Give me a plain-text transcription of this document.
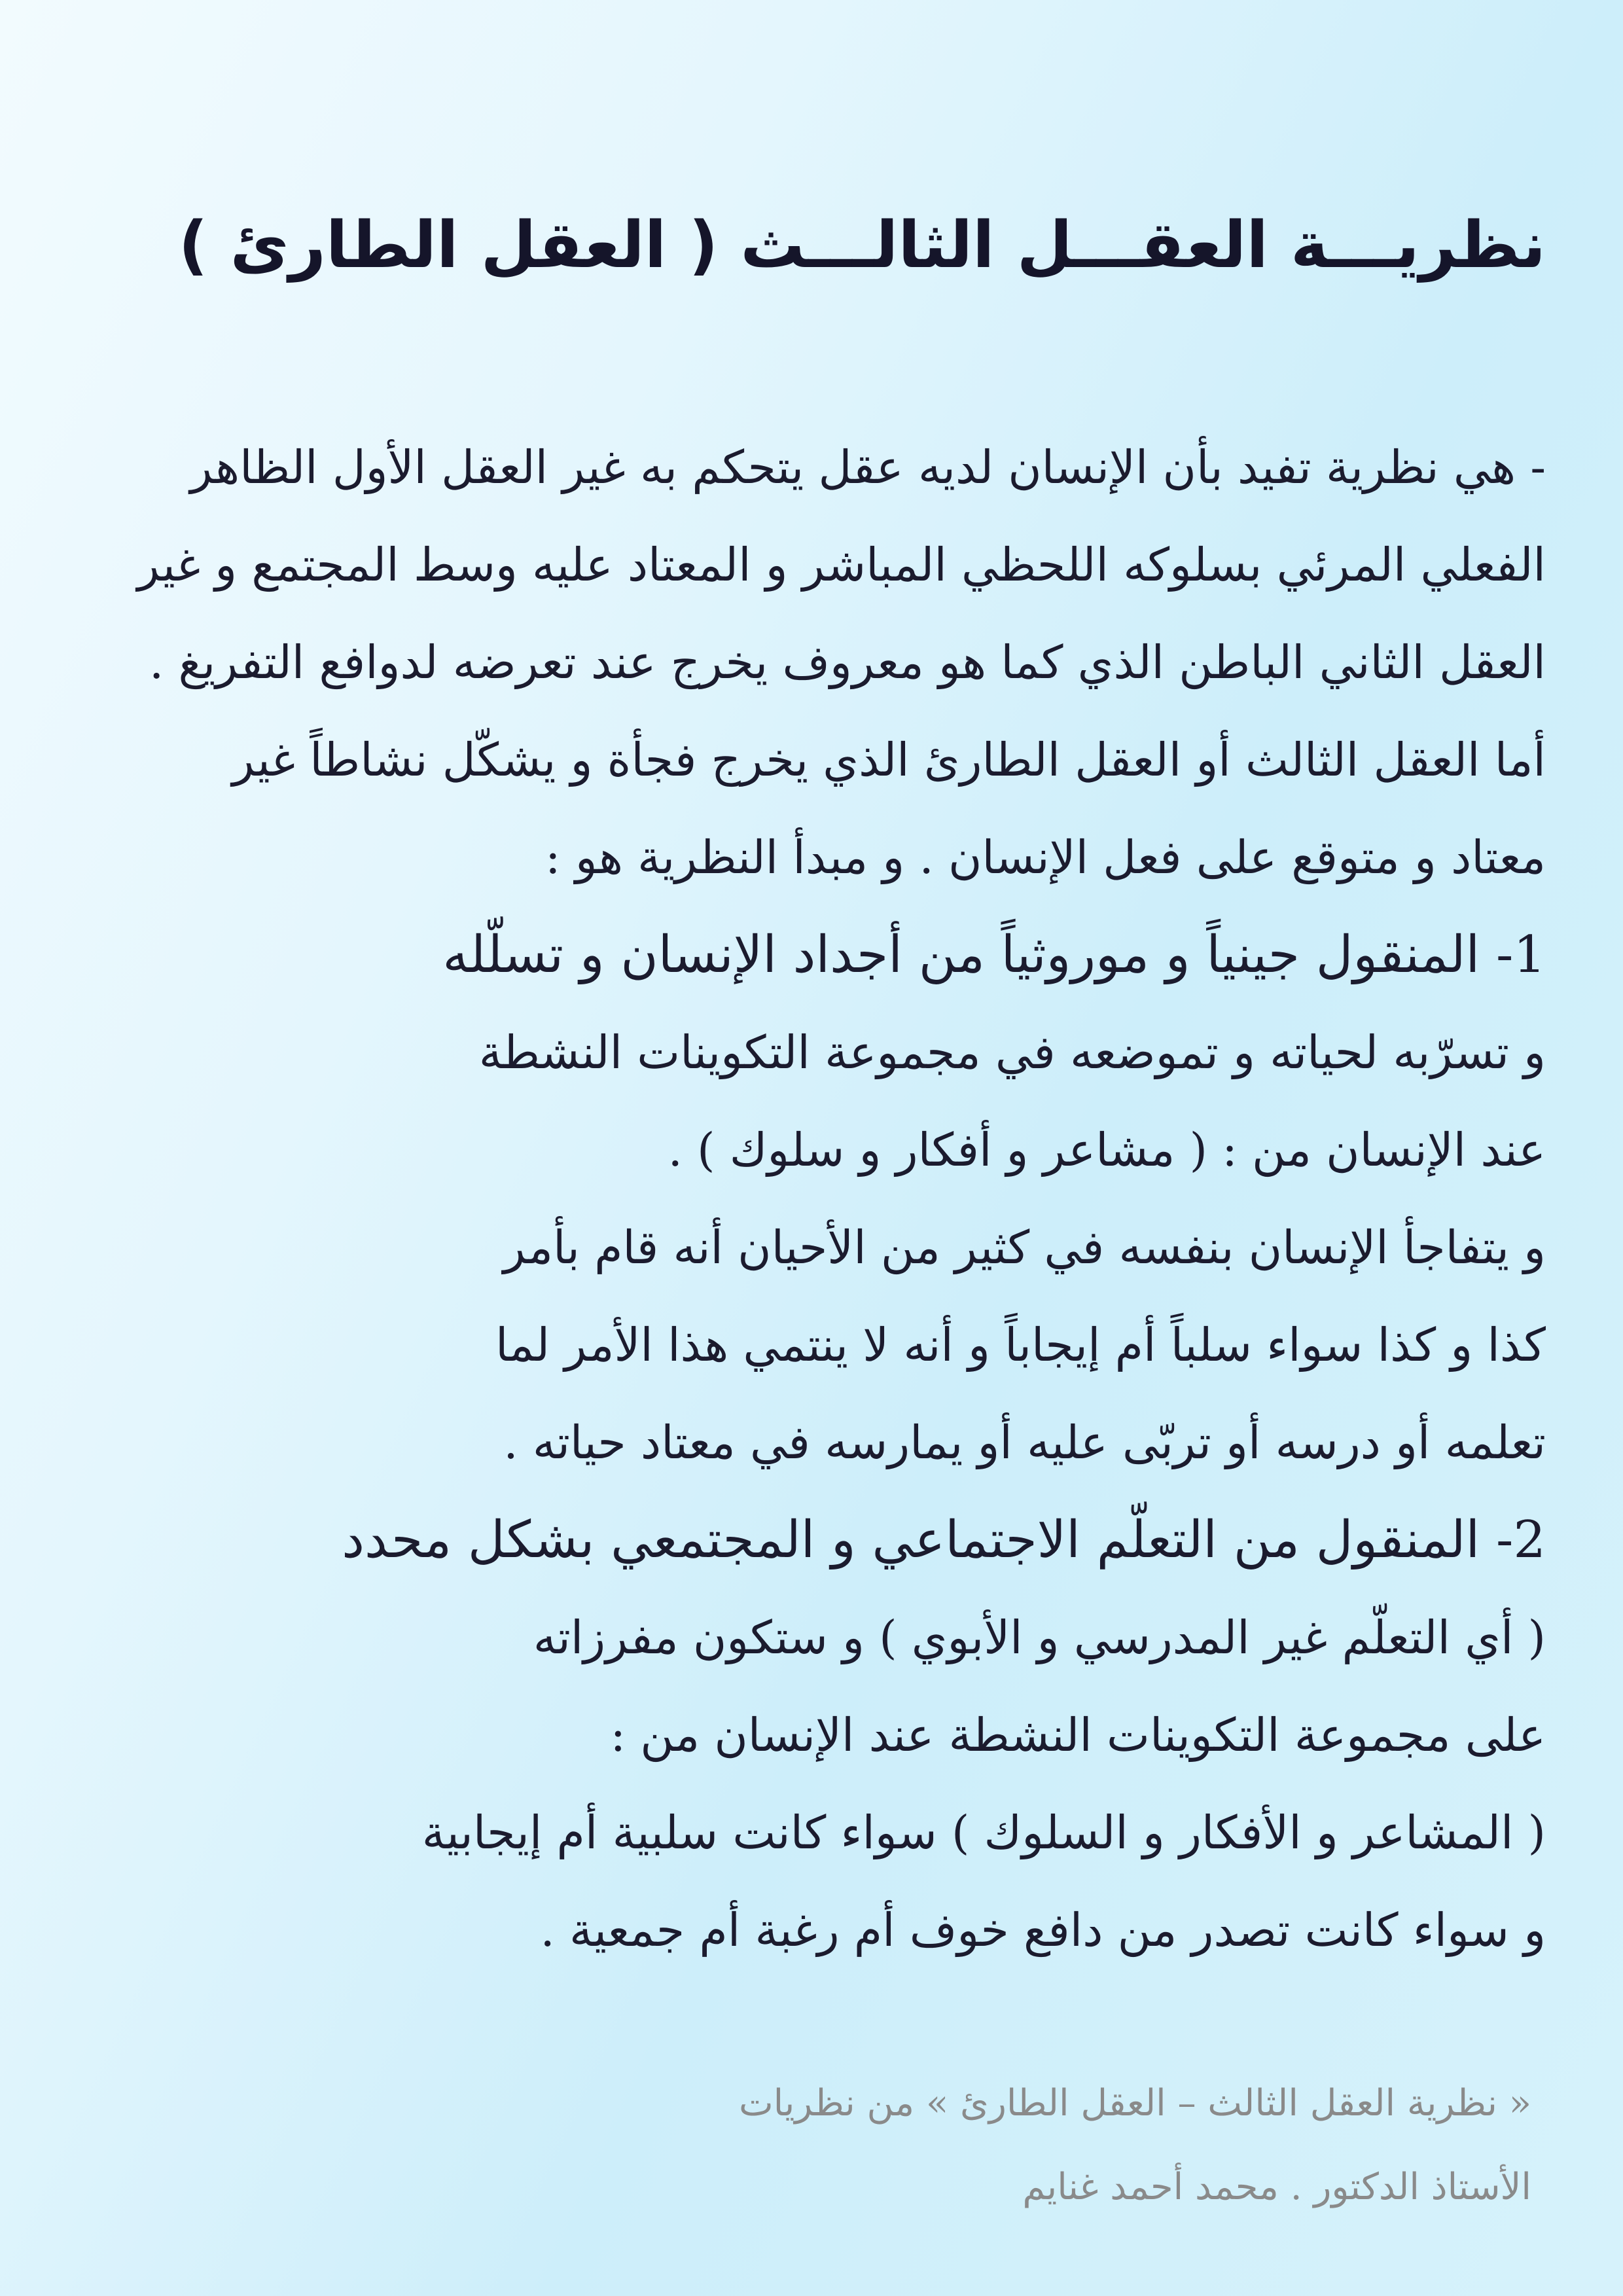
نظريـــة العقـــل الثالـــث ( العقل الطارئ )
- هي نظرية تفيد بأن الإنسان لديه عقل يتحكم به غير العقل الأول الظاهر
الفعلي المرئي بسلوكه اللحظي المباشر و المعتاد عليه وسط المجتمع و غير
العقل الثاني الباطن الذي كما هو معروف يخرج عند تعرضه لدوافع التفريغ .
أما العقل الثالث أو العقل الطارئ الذي يخرج فجأة و يشكّل نشاطاً غير
معتاد و متوقع على فعل الإنسان . و مبدأ النظرية هو :
1- المنقول جينياً و موروثياً من أجداد الإنسان و تسلّله
و تسرّبه لحياته و تموضعه في مجموعة التكوينات النشطة
عند الإنسان من : ( مشاعر و أفكار و سلوك ) .
و يتفاجأ الإنسان بنفسه في كثير من الأحيان أنه قام بأمر
كذا و كذا سواء سلباً أم إيجاباً و أنه لا ينتمي هذا الأمر لما
تعلمه أو درسه أو تربّى عليه أو يمارسه في معتاد حياته .
2- المنقول من التعلّم الاجتماعي و المجتمعي بشكل محدد
( أي التعلّم غير المدرسي و الأبوي ) و ستكون مفرزاته
على مجموعة التكوينات النشطة عند الإنسان من :
( المشاعر و الأفكار و السلوك ) سواء كانت سلبية أم إيجابية
و سواء كانت تصدر من دافع خوف أم رغبة أم جمعية .
« نظرية العقل الثالث – العقل الطارئ » من نظريات
الأستاذ الدكتور . محمد أحمد غنايم
